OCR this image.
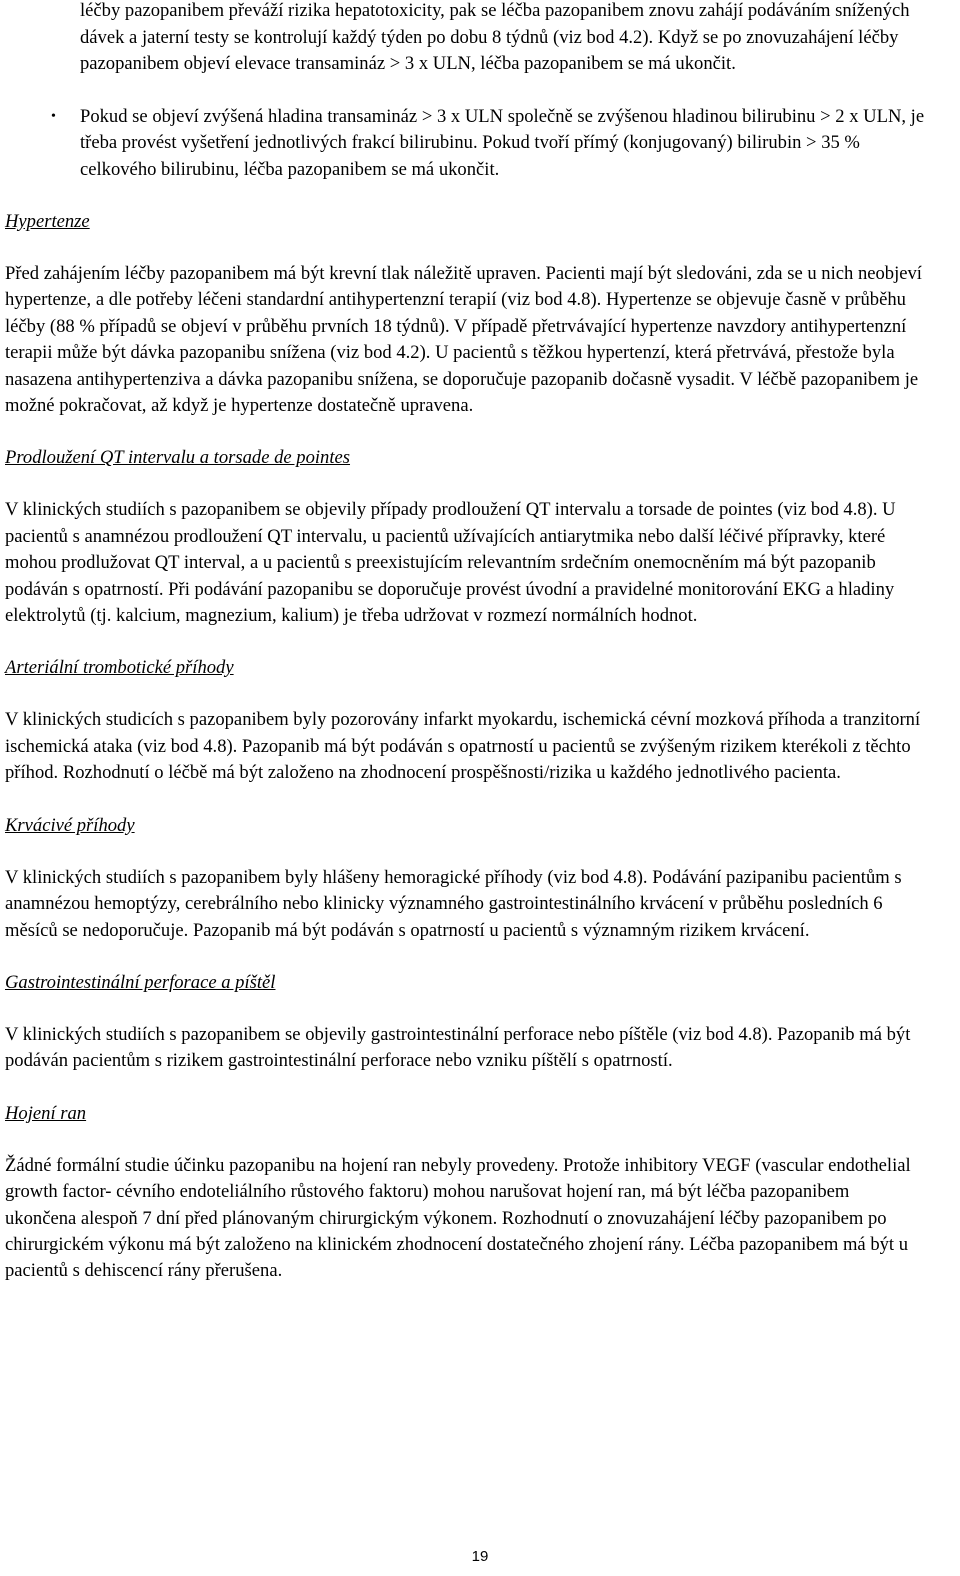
léčby pazopanibem převáží rizika hepatotoxicity, pak se léčba pazopanibem znovu zahájí podáváním snížených dávek a jaterní testy se kontrolují každý týden po dobu 8 týdnů (viz bod 4.2). Když se po znovuzahájení léčby pazopanibem objeví elevace transamináz > 3 x ULN, léčba pazopanibem se má ukončit.
• Pokud se objeví zvýšená hladina transamináz > 3 x ULN společně se zvýšenou hladinou bilirubinu > 2 x ULN, je třeba provést vyšetření jednotlivých frakcí bilirubinu. Pokud tvoří přímý (konjugovaný) bilirubin > 35 % celkového bilirubinu, léčba pazopanibem se má ukončit.

Hypertenze

Před zahájením léčby pazopanibem má být krevní tlak náležitě upraven. Pacienti mají být sledováni, zda se u nich neobjeví hypertenze, a dle potřeby léčeni standardní antihypertenzní terapií (viz bod 4.8). Hypertenze se objevuje časně v průběhu léčby (88 % případů se objeví v průběhu prvních 18 týdnů). V případě přetrvávající hypertenze navzdory antihypertenzní terapii může být dávka pazopanibu snížena (viz bod 4.2). U pacientů s těžkou hypertenzí, která přetrvává, přestože byla nasazena antihypertenziva a dávka pazopanibu snížena, se doporučuje pazopanib dočasně vysadit. V léčbě pazopanibem je možné pokračovat, až když je hypertenze dostatečně upravena.

Prodloužení QT intervalu a torsade de pointes

V klinických studiích s pazopanibem se objevily případy prodloužení QT intervalu a torsade de pointes (viz bod 4.8). U pacientů s anamnézou prodloužení QT intervalu, u pacientů užívajících antiarytmika nebo další léčivé přípravky, které mohou prodlužovat QT interval, a u pacientů s preexistujícím relevantním srdečním onemocněním má být pazopanib podáván s opatrností. Při podávání pazopanibu se doporučuje provést úvodní a pravidelné monitorování EKG a hladiny elektrolytů (tj. kalcium, magnezium, kalium) je třeba udržovat v rozmezí normálních hodnot.

Arteriální trombotické příhody

V klinických studicích s pazopanibem byly pozorovány infarkt myokardu, ischemická cévní mozková příhoda a tranzitorní ischemická ataka (viz bod 4.8). Pazopanib má být podáván s opatrností u pacientů se zvýšeným rizikem kterékoli z těchto příhod. Rozhodnutí o léčbě má být založeno na zhodnocení prospěšnosti/rizika u každého jednotlivého pacienta.

Krvácivé příhody

V klinických studiích s pazopanibem byly hlášeny hemoragické příhody (viz bod 4.8). Podávání pazipanibu pacientům s anamnézou hemoptýzy, cerebrálního nebo klinicky významného gastrointestinálního krvácení v průběhu posledních 6 měsíců se nedoporučuje. Pazopanib má být podáván s opatrností u pacientů s významným rizikem krvácení.

Gastrointestinální perforace a píštěl

V klinických studiích s pazopanibem se objevily gastrointestinální perforace nebo píštěle (viz bod 4.8). Pazopanib má být podáván pacientům s rizikem gastrointestinální perforace nebo vzniku píštělí s opatrností.

Hojení ran

Žádné formální studie účinku pazopanibu na hojení ran nebyly provedeny. Protože inhibitory VEGF (vascular endothelial growth factor- cévního endoteliálního růstového faktoru) mohou narušovat hojení ran, má být léčba pazopanibem ukončena alespoň 7 dní před plánovaným chirurgickým výkonem. Rozhodnutí o znovuzahájení léčby pazopanibem po chirurgickém výkonu má být založeno na klinickém zhodnocení dostatečného zhojení rány. Léčba pazopanibem má být u pacientů s dehiscencí rány přerušena.

19
